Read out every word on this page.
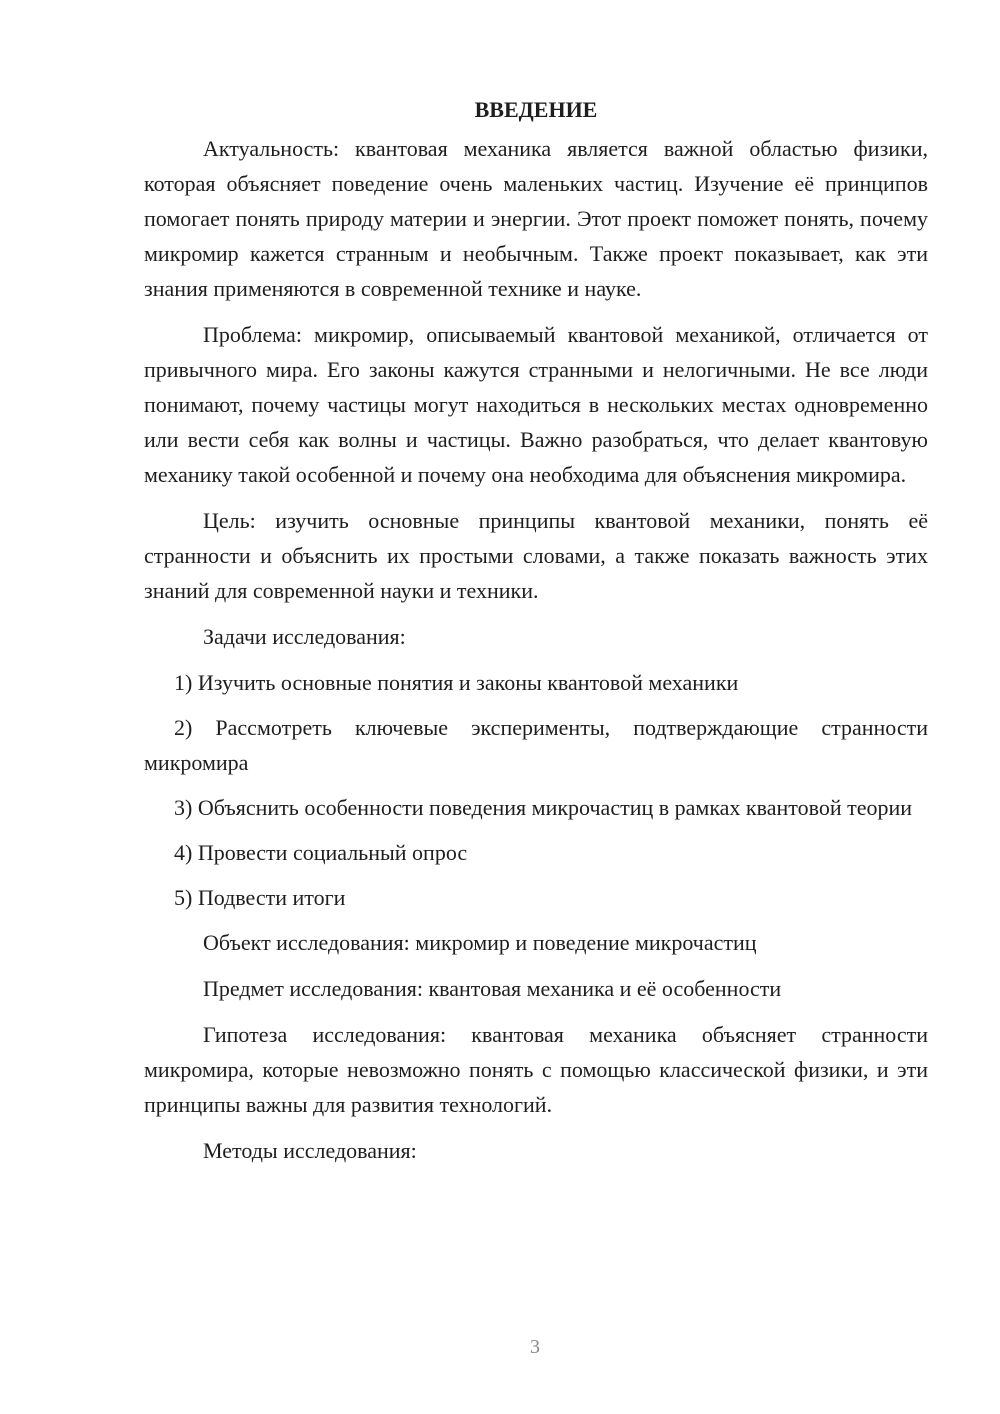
ВВЕДЕНИЕ

Актуальность: квантовая механика является важной областью физики, которая объясняет поведение очень маленьких частиц. Изучение её принципов помогает понять природу материи и энергии. Этот проект поможет понять, почему микромир кажется странным и необычным. Также проект показывает, как эти знания применяются в современной технике и науке.

Проблема: микромир, описываемый квантовой механикой, отличается от привычного мира. Его законы кажутся странными и нелогичными. Не все люди понимают, почему частицы могут находиться в нескольких местах одновременно или вести себя как волны и частицы. Важно разобраться, что делает квантовую механику такой особенной и почему она необходима для объяснения микромира.

Цель: изучить основные принципы квантовой механики, понять её странности и объяснить их простыми словами, а также показать важность этих знаний для современной науки и техники.

Задачи исследования:

1) Изучить основные понятия и законы квантовой механики

2) Рассмотреть ключевые эксперименты, подтверждающие странности микромира

3) Объяснить особенности поведения микрочастиц в рамках квантовой теории

4) Провести социальный опрос

5) Подвести итоги

Объект исследования: микромир и поведение микрочастиц

Предмет исследования: квантовая механика и её особенности

Гипотеза исследования: квантовая механика объясняет странности микромира, которые невозможно понять с помощью классической физики, и эти принципы важны для развития технологий.

Методы исследования:

3
